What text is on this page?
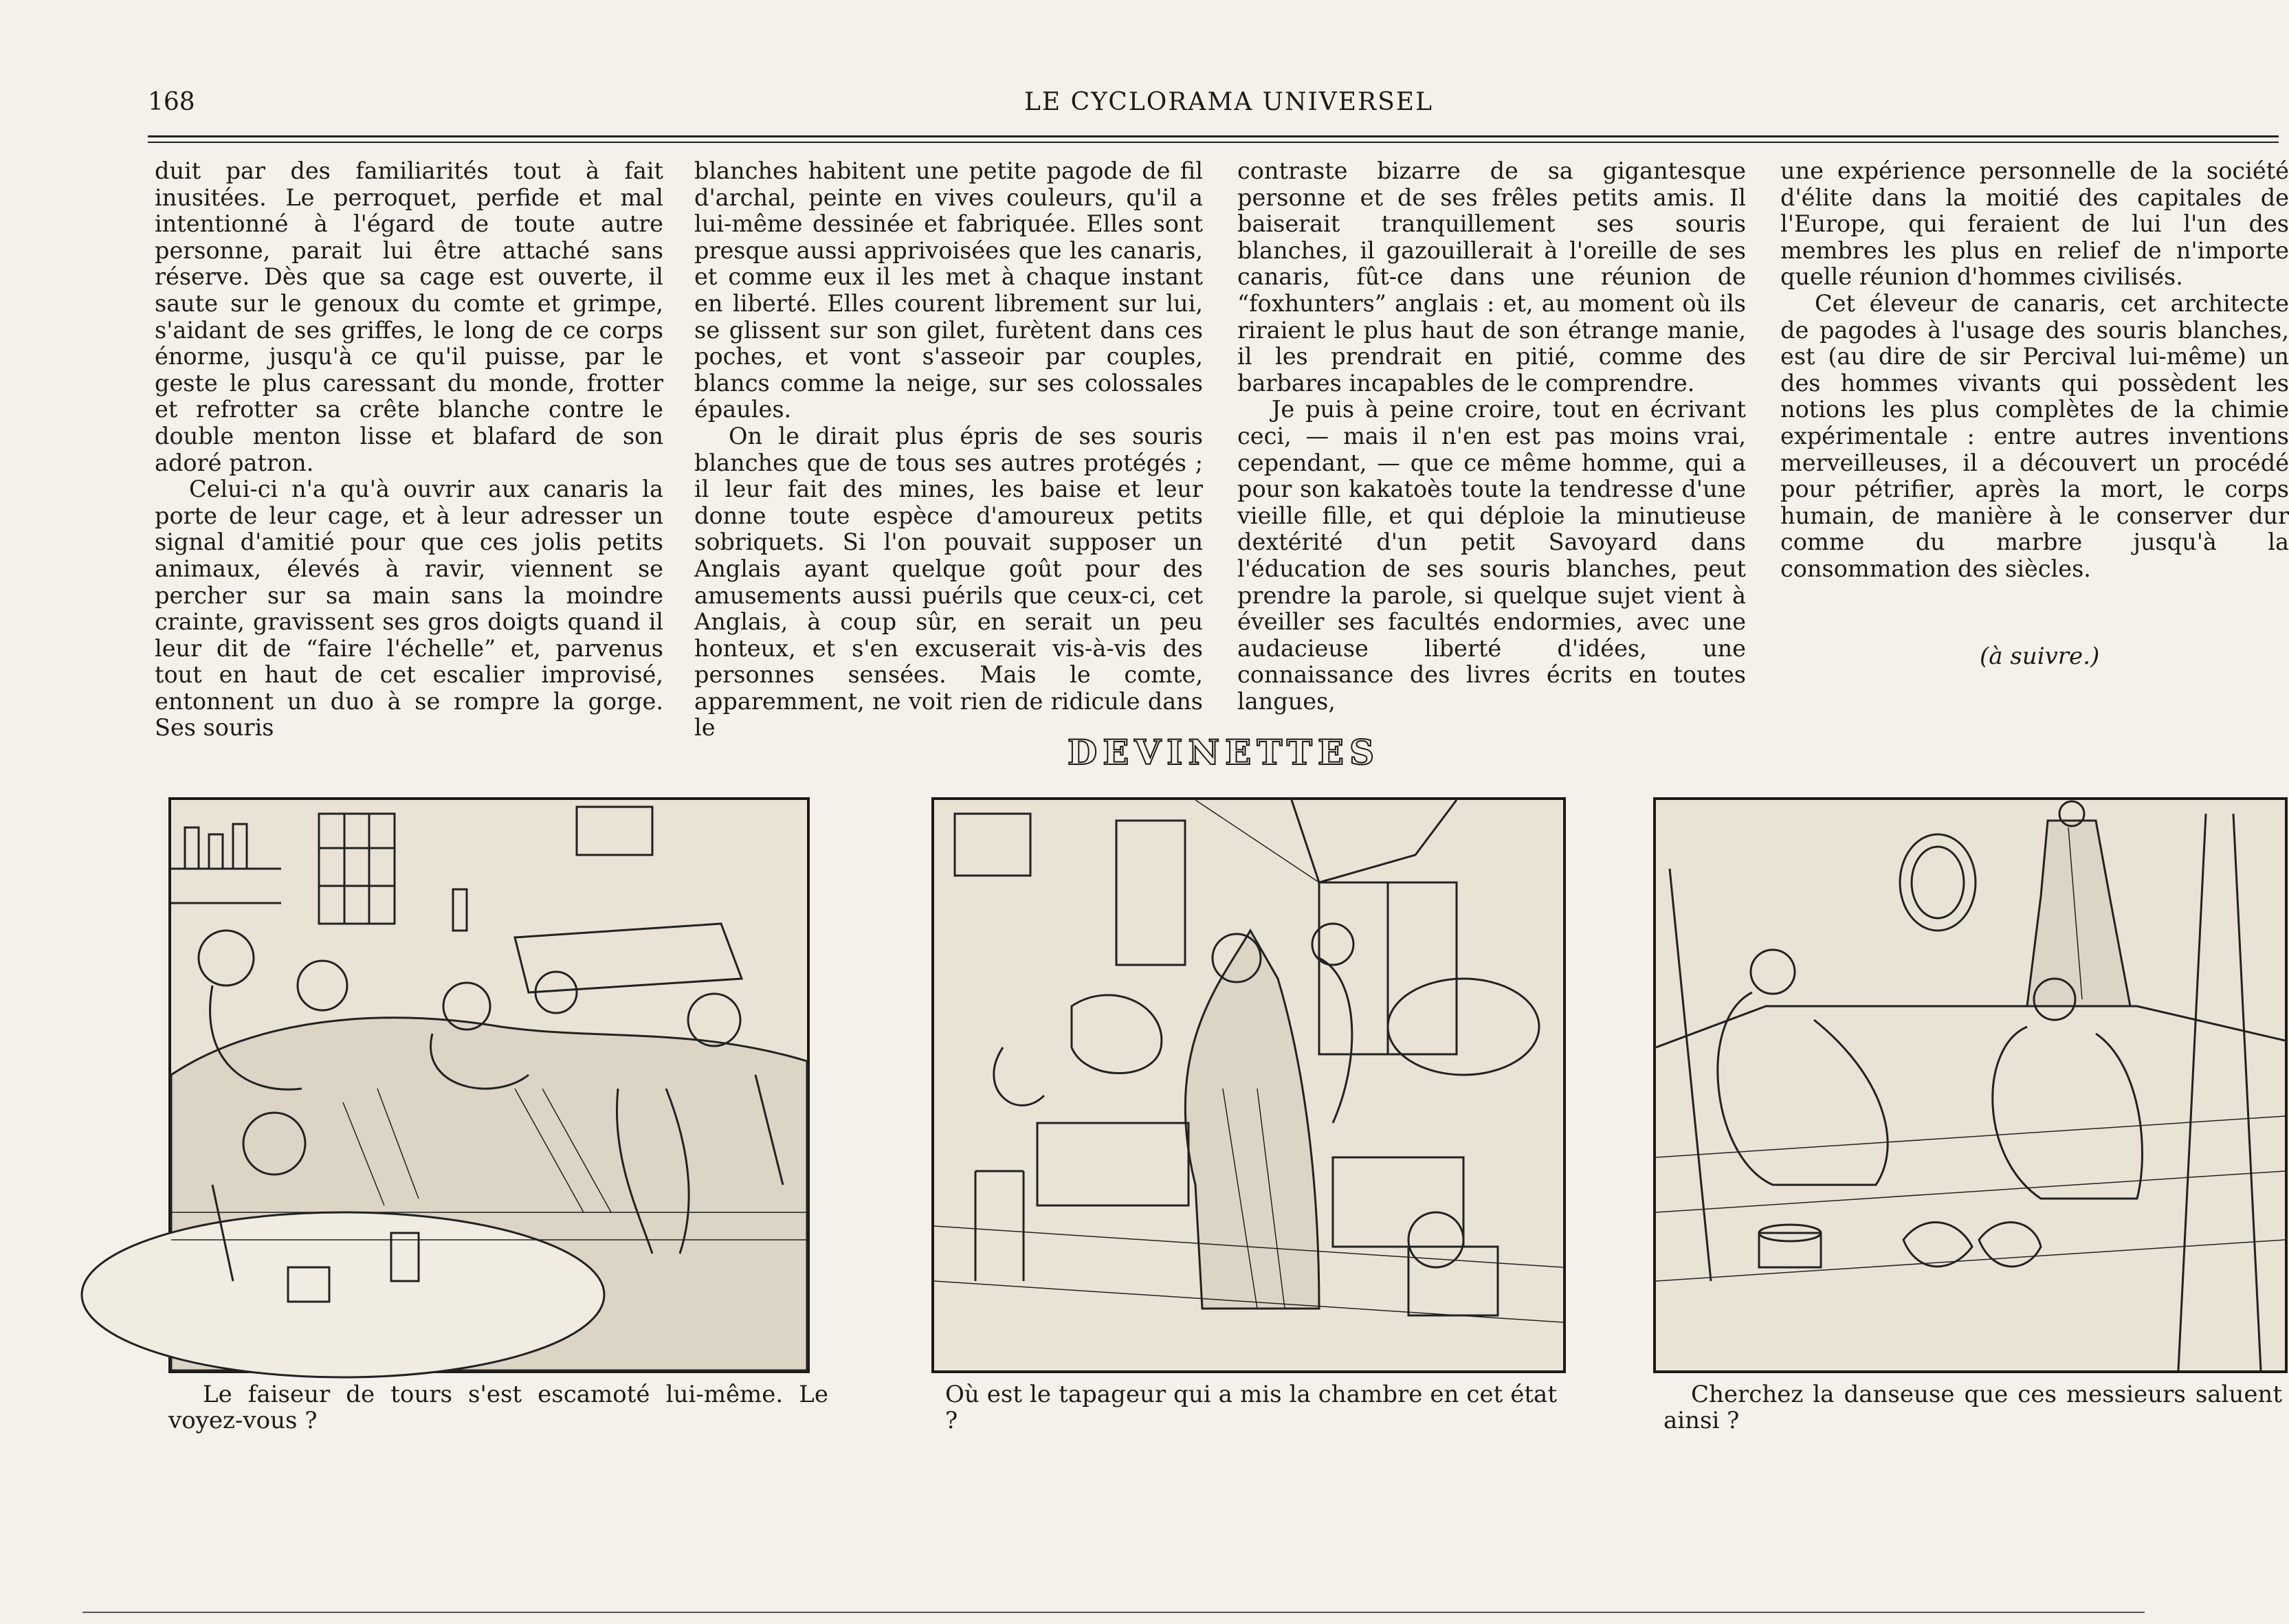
168	LE CYCLORAMA UNIVERSEL

duit par des familiarités tout à fait inusitées. Le perroquet, perfide et mal intentionné à l'égard de toute autre personne, parait lui être attaché sans réserve. Dès que sa cage est ouverte, il saute sur le genoux du comte et grimpe, s'aidant de ses griffes, le long de ce corps énorme, jusqu'à ce qu'il puisse, par le geste le plus caressant du monde, frotter et refrotter sa crête blanche contre le double menton lisse et blafard de son adoré patron.

Celui-ci n'a qu'à ouvrir aux canaris la porte de leur cage, et à leur adresser un signal d'amitié pour que ces jolis petits animaux, élevés à ravir, viennent se percher sur sa main sans la moindre crainte, gravissent ses gros doigts quand il leur dit de “faire l'échelle” et, parvenus tout en haut de cet escalier improvisé, entonnent un duo à se rompre la gorge. Ses souris

blanches habitent une petite pagode de fil d'archal, peinte en vives couleurs, qu'il a lui-même dessinée et fabriquée. Elles sont presque aussi apprivoisées que les canaris, et comme eux il les met à chaque instant en liberté. Elles courent librement sur lui, se glissent sur son gilet, furètent dans ces poches, et vont s'asseoir par couples, blancs comme la neige, sur ses colossales épaules.

On le dirait plus épris de ses souris blanches que de tous ses autres protégés ; il leur fait des mines, les baise et leur donne toute espèce d'amoureux petits sobriquets. Si l'on pouvait supposer un Anglais ayant quelque goût pour des amusements aussi puérils que ceux-ci, cet Anglais, à coup sûr, en serait un peu honteux, et s'en excuserait vis-à-vis des personnes sensées. Mais le comte, apparemment, ne voit rien de ridicule dans le

contraste bizarre de sa gigantesque personne et de ses frêles petits amis. Il baiserait tranquillement ses souris blanches, il gazouillerait à l'oreille de ses canaris, fût-ce dans une réunion de “foxhunters” anglais : et, au moment où ils riraient le plus haut de son étrange manie, il les prendrait en pitié, comme des barbares incapables de le comprendre.

Je puis à peine croire, tout en écrivant ceci, — mais il n'en est pas moins vrai, cependant, — que ce même homme, qui a pour son kakatoès toute la tendresse d'une vieille fille, et qui déploie la minutieuse dextérité d'un petit Savoyard dans l'éducation de ses souris blanches, peut prendre la parole, si quelque sujet vient à éveiller ses facultés endormies, avec une audacieuse liberté d'idées, une connaissance des livres écrits en toutes langues,

une expérience personnelle de la société d'élite dans la moitié des capitales de l'Europe, qui feraient de lui l'un des membres les plus en relief de n'importe quelle réunion d'hommes civilisés.

Cet éleveur de canaris, cet architecte de pagodes à l'usage des souris blanches, est (au dire de sir Percival lui-même) un des hommes vivants qui possèdent les notions les plus complètes de la chimie expérimentale : entre autres inventions merveilleuses, il a découvert un procédé pour pétrifier, après la mort, le corps humain, de manière à le conserver dur comme du marbre jusqu'à la consommation des siècles.

(à suivre.)
DEVINETTES
Le faiseur de tours s'est escamoté lui-même. Le voyez-vous ?
Où est le tapageur qui a mis la chambre en cet état ?
Cherchez la danseuse que ces messieurs saluent ainsi ?
